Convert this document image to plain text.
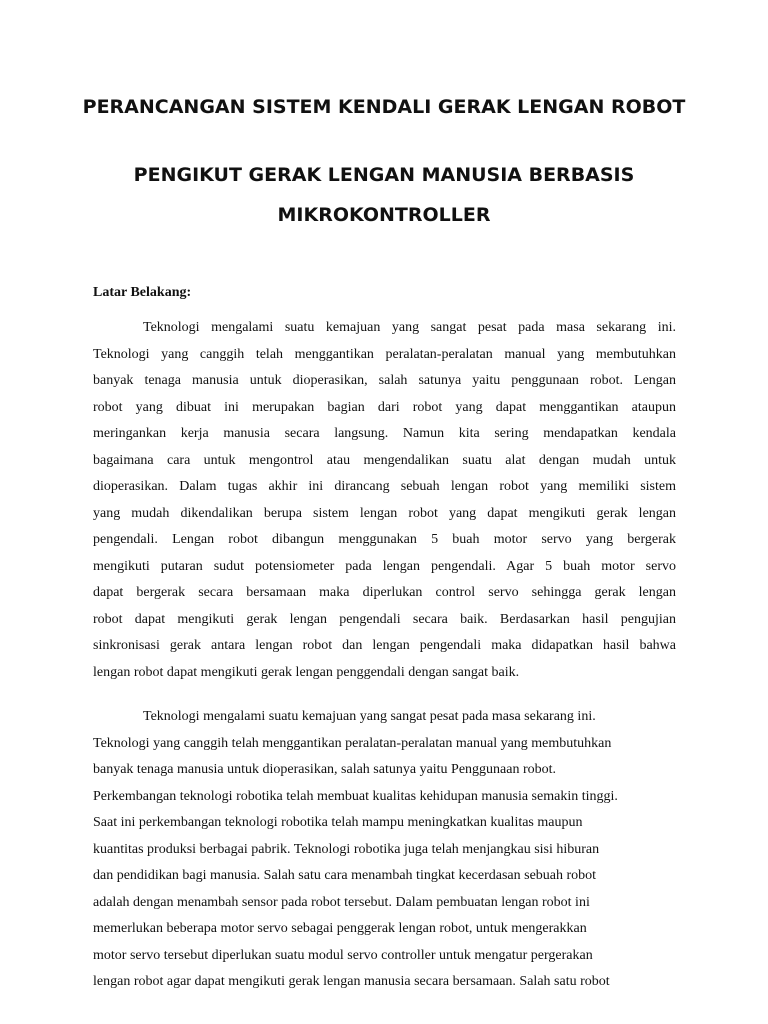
PERANCANGAN SISTEM KENDALI GERAK LENGAN ROBOT
PENGIKUT GERAK LENGAN MANUSIA BERBASIS
MIKROKONTROLLER

Latar Belakang:

Teknologi mengalami suatu kemajuan yang sangat pesat pada masa sekarang ini.
Teknologi yang canggih telah menggantikan peralatan-peralatan manual yang membutuhkan
banyak tenaga manusia untuk dioperasikan, salah satunya yaitu penggunaan robot. Lengan
robot yang dibuat ini merupakan bagian dari robot yang dapat menggantikan ataupun
meringankan kerja manusia secara langsung. Namun kita sering mendapatkan kendala
bagaimana cara untuk mengontrol atau mengendalikan suatu alat dengan mudah untuk
dioperasikan. Dalam tugas akhir ini dirancang sebuah lengan robot yang memiliki sistem
yang mudah dikendalikan berupa sistem lengan robot yang dapat mengikuti gerak lengan
pengendali. Lengan robot dibangun menggunakan 5 buah motor servo yang bergerak
mengikuti putaran sudut potensiometer pada lengan pengendali. Agar 5 buah motor servo
dapat bergerak secara bersamaan maka diperlukan control servo sehingga gerak lengan
robot dapat mengikuti gerak lengan pengendali secara baik. Berdasarkan hasil pengujian
sinkronisasi gerak antara lengan robot dan lengan pengendali maka didapatkan hasil bahwa
lengan robot dapat mengikuti gerak lengan penggendali dengan sangat baik.

Teknologi mengalami suatu kemajuan yang sangat pesat pada masa sekarang ini.
Teknologi yang canggih telah menggantikan peralatan-peralatan manual yang membutuhkan
banyak tenaga manusia untuk dioperasikan, salah satunya yaitu Penggunaan robot.
Perkembangan teknologi robotika telah membuat kualitas kehidupan manusia semakin tinggi.
Saat ini perkembangan teknologi robotika telah mampu meningkatkan kualitas maupun
kuantitas produksi berbagai pabrik. Teknologi robotika juga telah menjangkau sisi hiburan
dan pendidikan bagi manusia. Salah satu cara menambah tingkat kecerdasan sebuah robot
adalah dengan menambah sensor pada robot tersebut. Dalam pembuatan lengan robot ini
memerlukan beberapa motor servo sebagai penggerak lengan robot, untuk mengerakkan
motor servo tersebut diperlukan suatu modul servo controller untuk mengatur pergerakan
lengan robot agar dapat mengikuti gerak lengan manusia secara bersamaan. Salah satu robot
